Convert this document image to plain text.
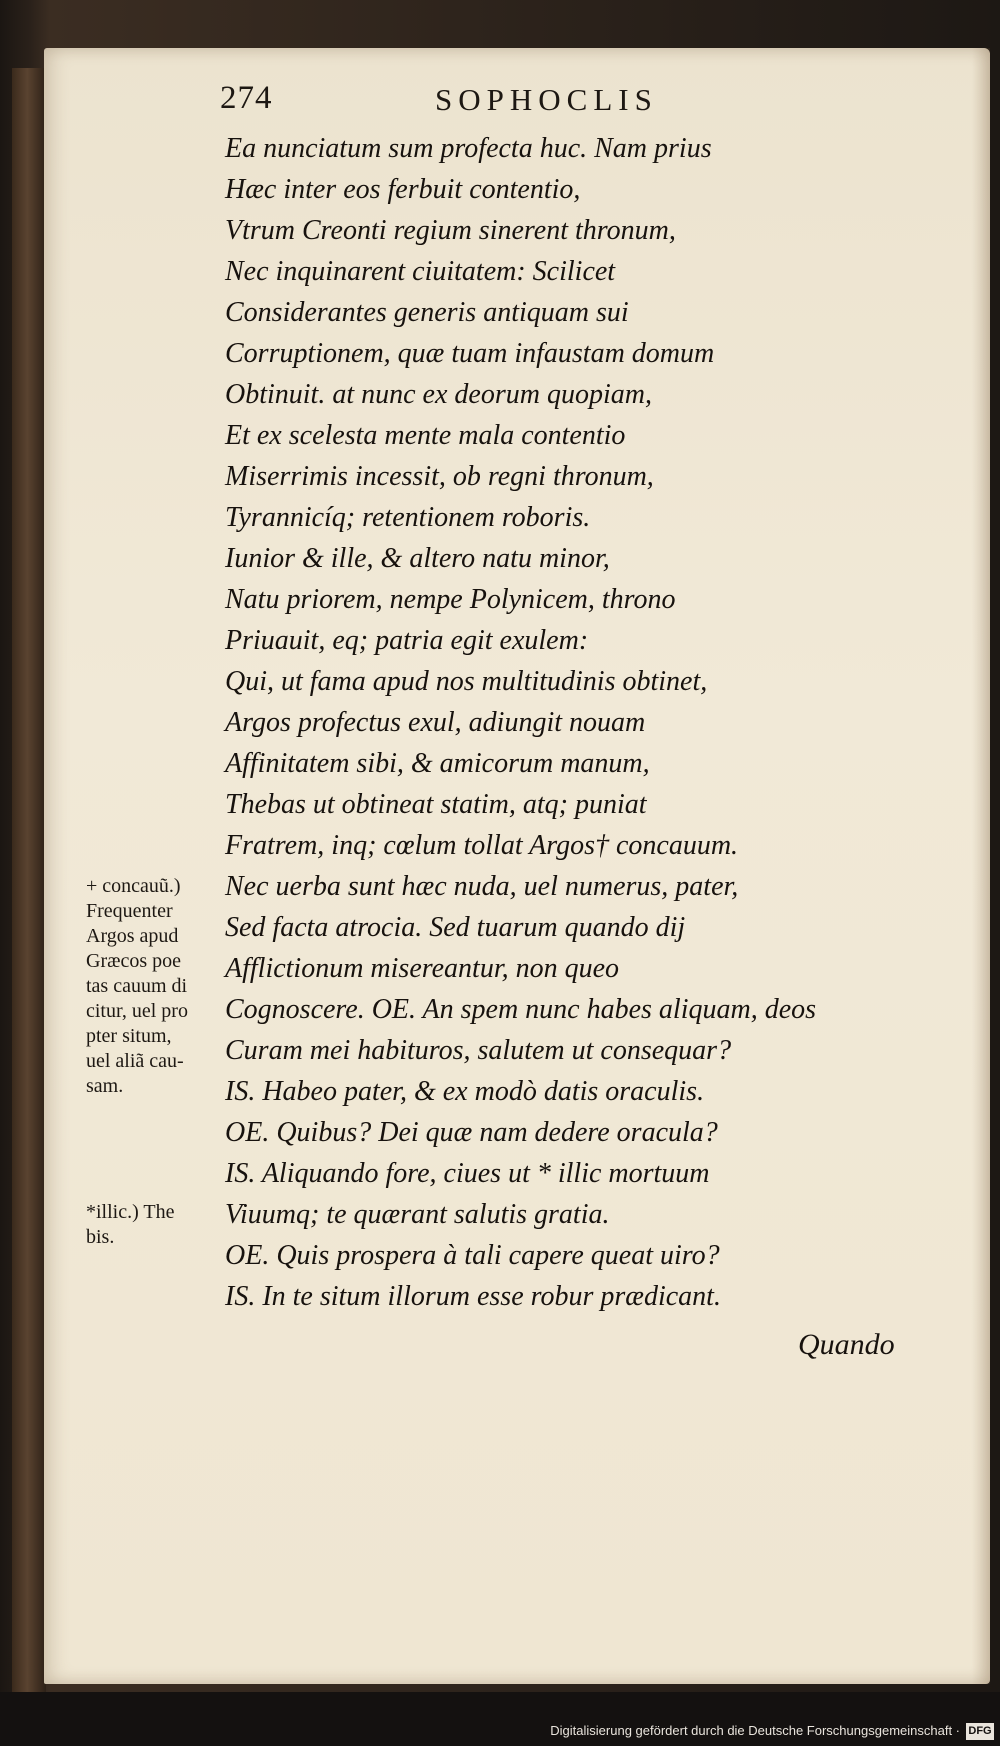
274	SOPHOCLIS
Ea nunciatum sum profecta huc. Nam prius
Hæc inter eos ferbuit contentio,
Vtrum Creonti regium sinerent thronum,
Nec inquinarent ciuitatem: Scilicet
Considerantes generis antiquam sui
Corruptionem, quæ tuam infaustam domum
Obtinuit. at nunc ex deorum quopiam,
Et ex scelesta mente mala contentio
Miserrimis incessit, ob regni thronum,
Tyrannicíq; retentionem roboris.
Iunior & ille, & altero natu minor,
Natu priorem, nempe Polynicem, throno
Priuauit, eq; patria egit exulem:
Qui, ut fama apud nos multitudinis obtinet,
Argos profectus exul, adiungit nouam
Affinitatem sibi, & amicorum manum,
Thebas ut obtineat statim, atq; puniat
Fratrem, inq; cœlum tollat Argos† concauum.
Nec uerba sunt hæc nuda, uel numerus, pater,
Sed facta atrocia. Sed tuarum quando dij
Afflictionum misereantur, non queo
Cognoscere. OE. An spem nunc habes aliquam, deos
Curam mei habituros, salutem ut consequar?
IS. Habeo pater, & ex modò datis oraculis.
OE. Quibus? Dei quæ nam dedere oracula?
IS. Aliquando fore, ciues ut * illic mortuum
Viuumq; te quærant salutis gratia.
OE. Quis prospera à tali capere queat uiro?
IS. In te situm illorum esse robur prædicant.
+ concauũ.)
Frequenter
Argos apud
Græcos poe
tas cauum di
citur, uel pro
pter situm,
uel aliã cau-
sam.
*illic.) The
bis.
Quando
Digitalisierung gefördert durch die Deutsche Forschungsgemeinschaft · DFG
